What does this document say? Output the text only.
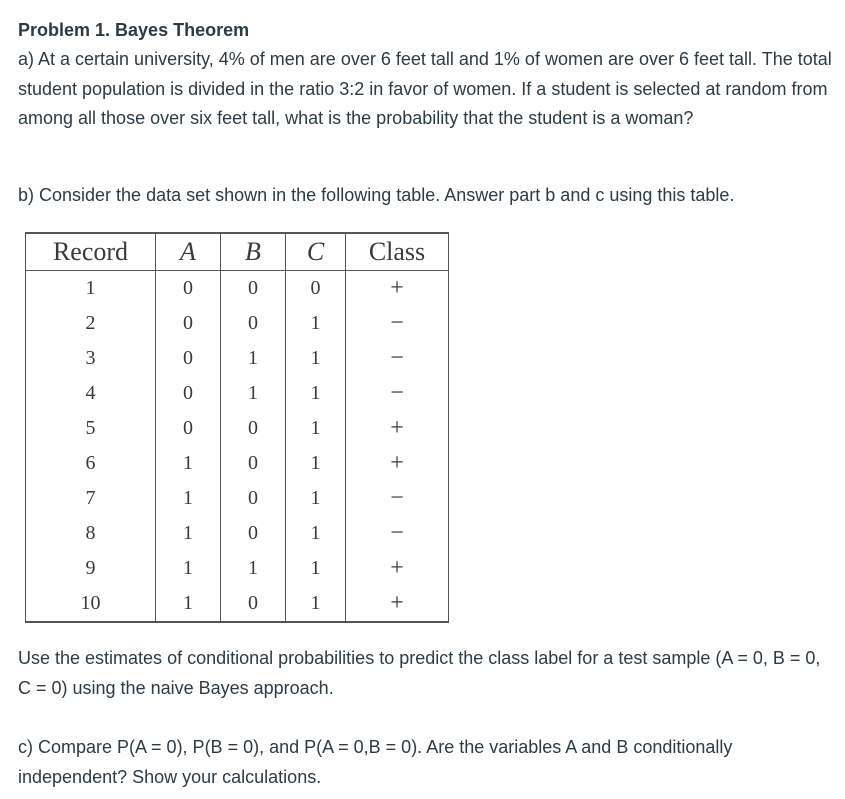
Problem 1. Bayes Theorem

a) At a certain university, 4% of men are over 6 feet tall and 1% of women are over 6 feet tall. The total student population is divided in the ratio 3:2 in favor of women. If a student is selected at random from among all those over six feet tall, what is the probability that the student is a woman?

b) Consider the data set shown in the following table. Answer part b and c using this table.

Record	A	B	C	Class
1	0	0	0	+
2	0	0	1	−
3	0	1	1	−
4	0	1	1	−
5	0	0	1	+
6	1	0	1	+
7	1	0	1	−
8	1	0	1	−
9	1	1	1	+
10	1	0	1	+

Use the estimates of conditional probabilities to predict the class label for a test sample (A = 0, B = 0, C = 0) using the naive Bayes approach.

c) Compare P(A = 0), P(B = 0), and P(A = 0,B = 0). Are the variables A and B conditionally independent? Show your calculations.
